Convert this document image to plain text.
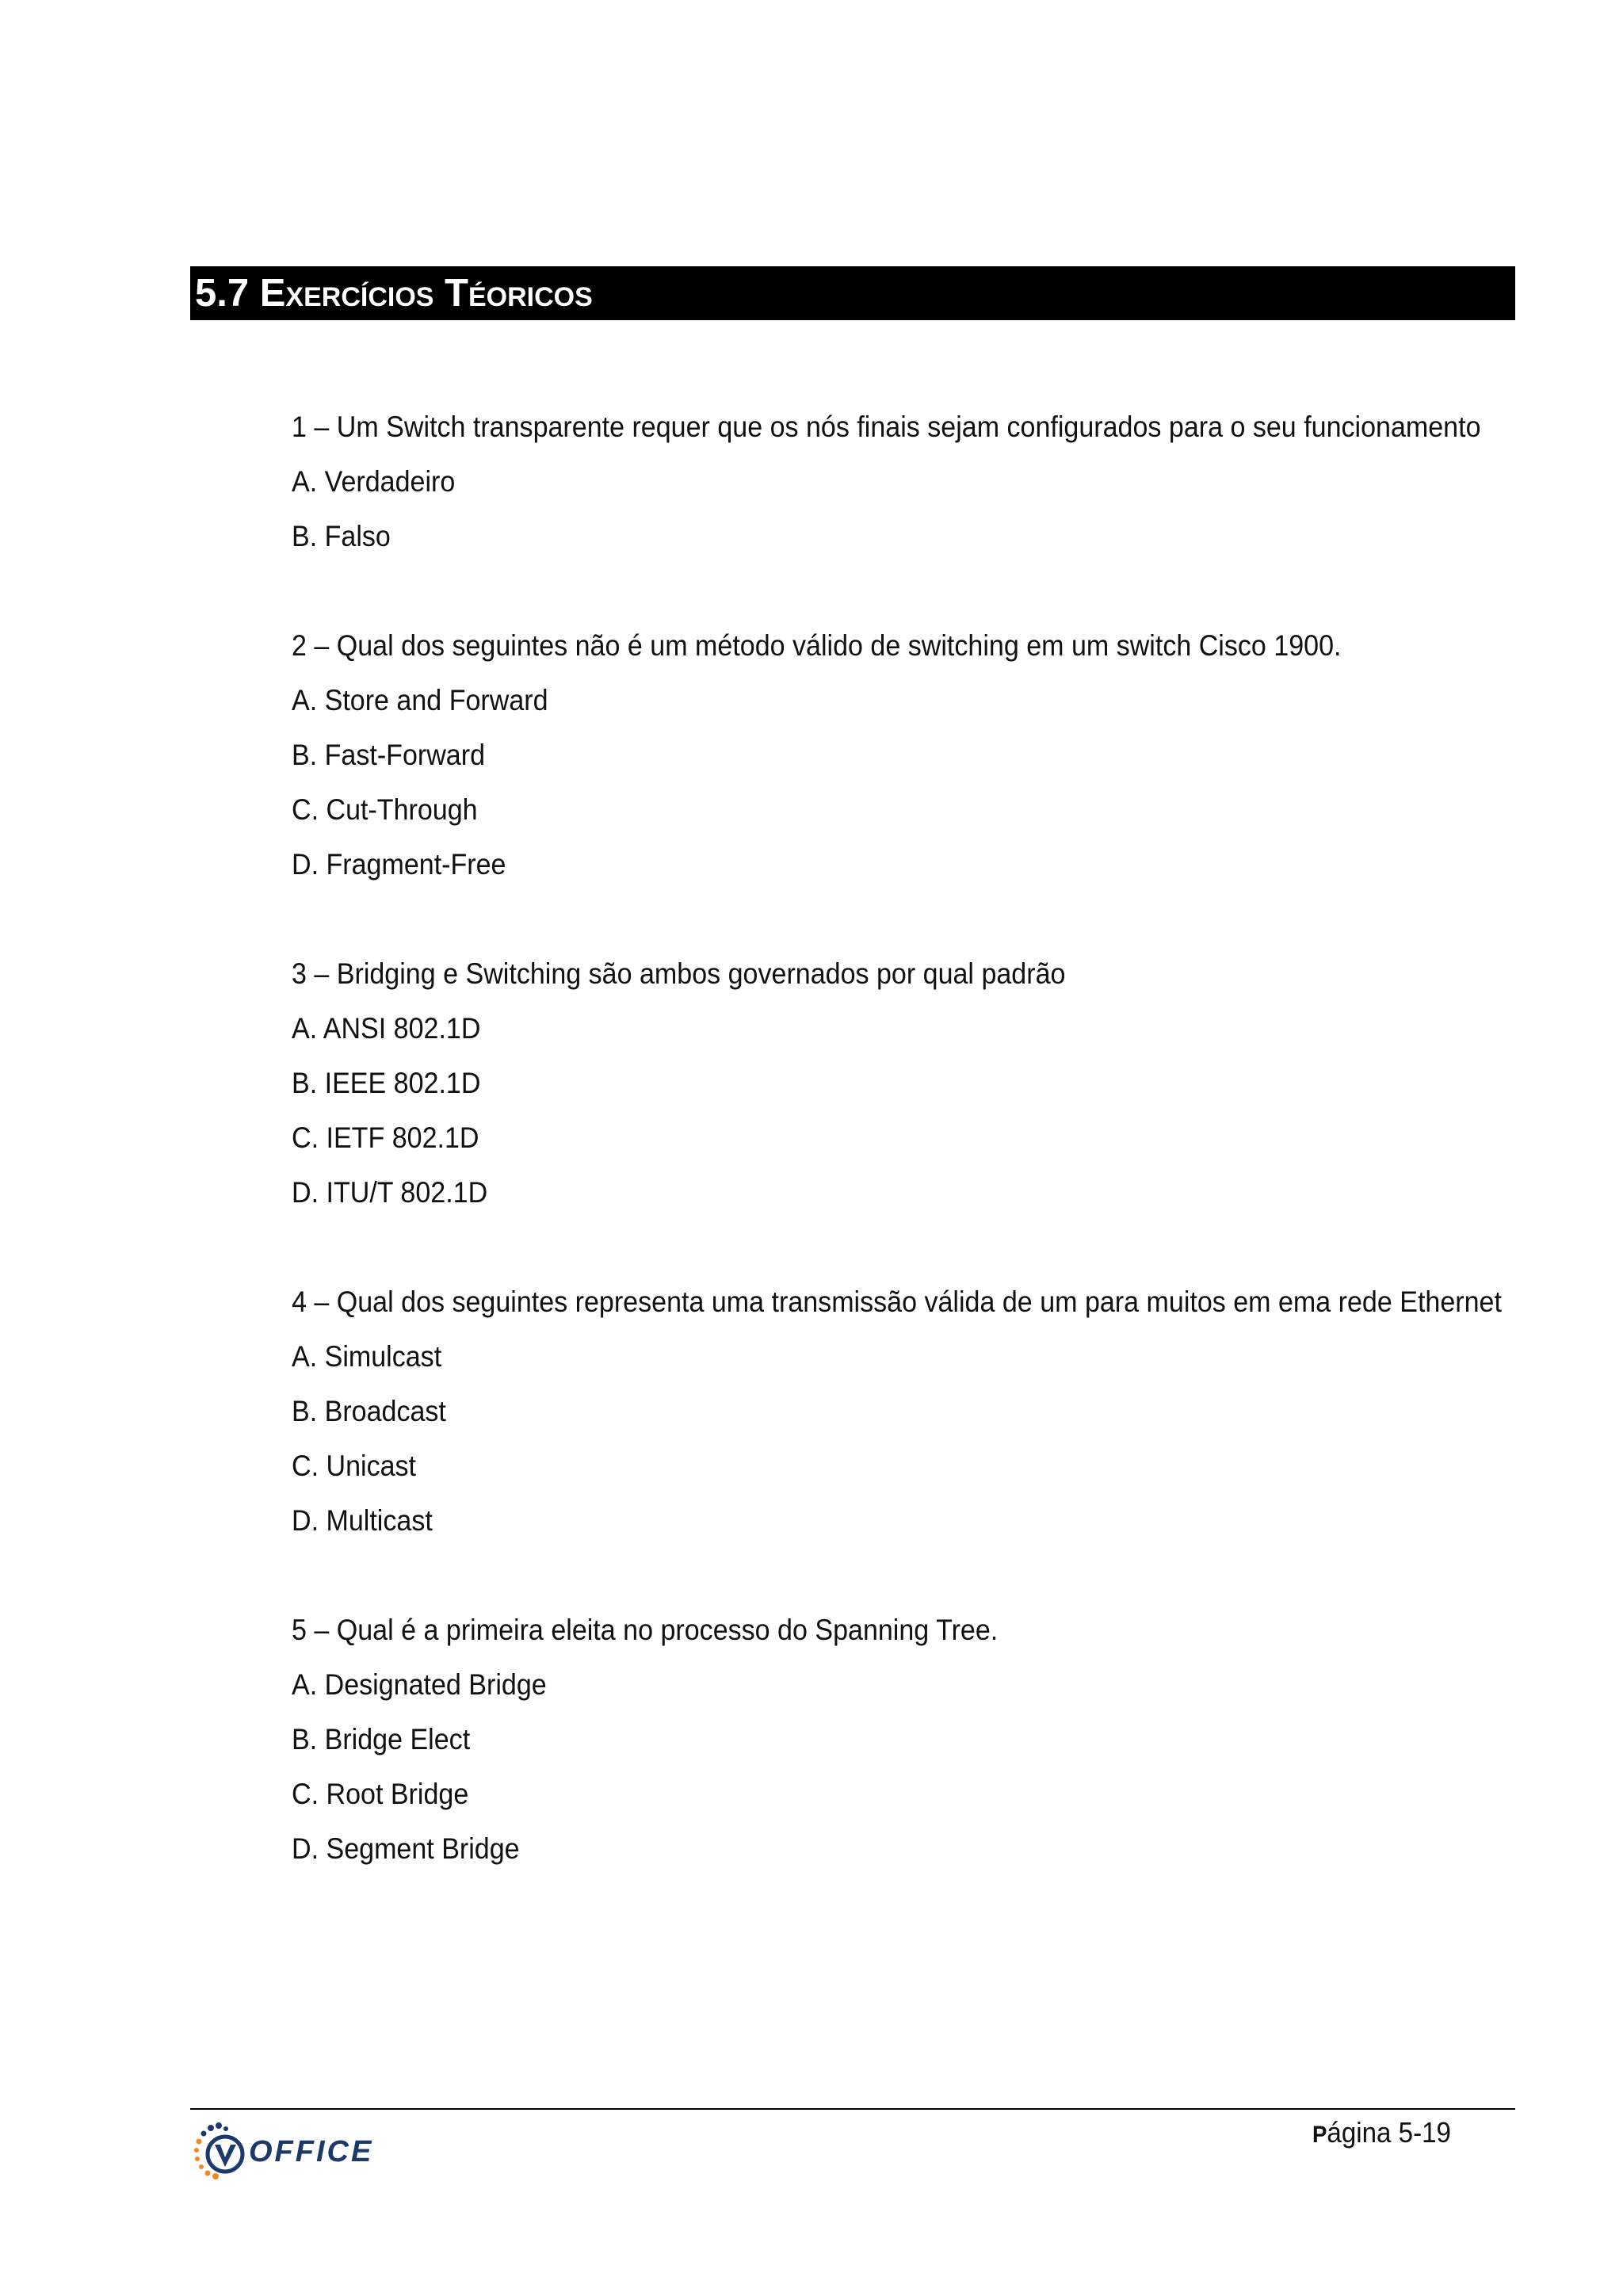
5.7 Exercícios Téoricos
1 – Um Switch transparente requer que os nós finais sejam configurados para o seu funcionamento
A. Verdadeiro
B. Falso
2 – Qual dos seguintes não é um método válido de switching em um switch Cisco 1900.
A. Store and Forward
B. Fast-Forward
C. Cut-Through
D. Fragment-Free
3 – Bridging e Switching são ambos governados por qual padrão
A. ANSI 802.1D
B. IEEE 802.1D
C. IETF 802.1D
D. ITU/T 802.1D
4 – Qual dos seguintes representa uma transmissão válida de um para muitos em ema rede Ethernet
A. Simulcast
B. Broadcast
C. Unicast
D. Multicast
5 – Qual é a primeira eleita no processo do Spanning Tree.
A. Designated Bridge
B. Bridge Elect
C. Root Bridge
D. Segment Bridge
OFFICE
Página 5-19
